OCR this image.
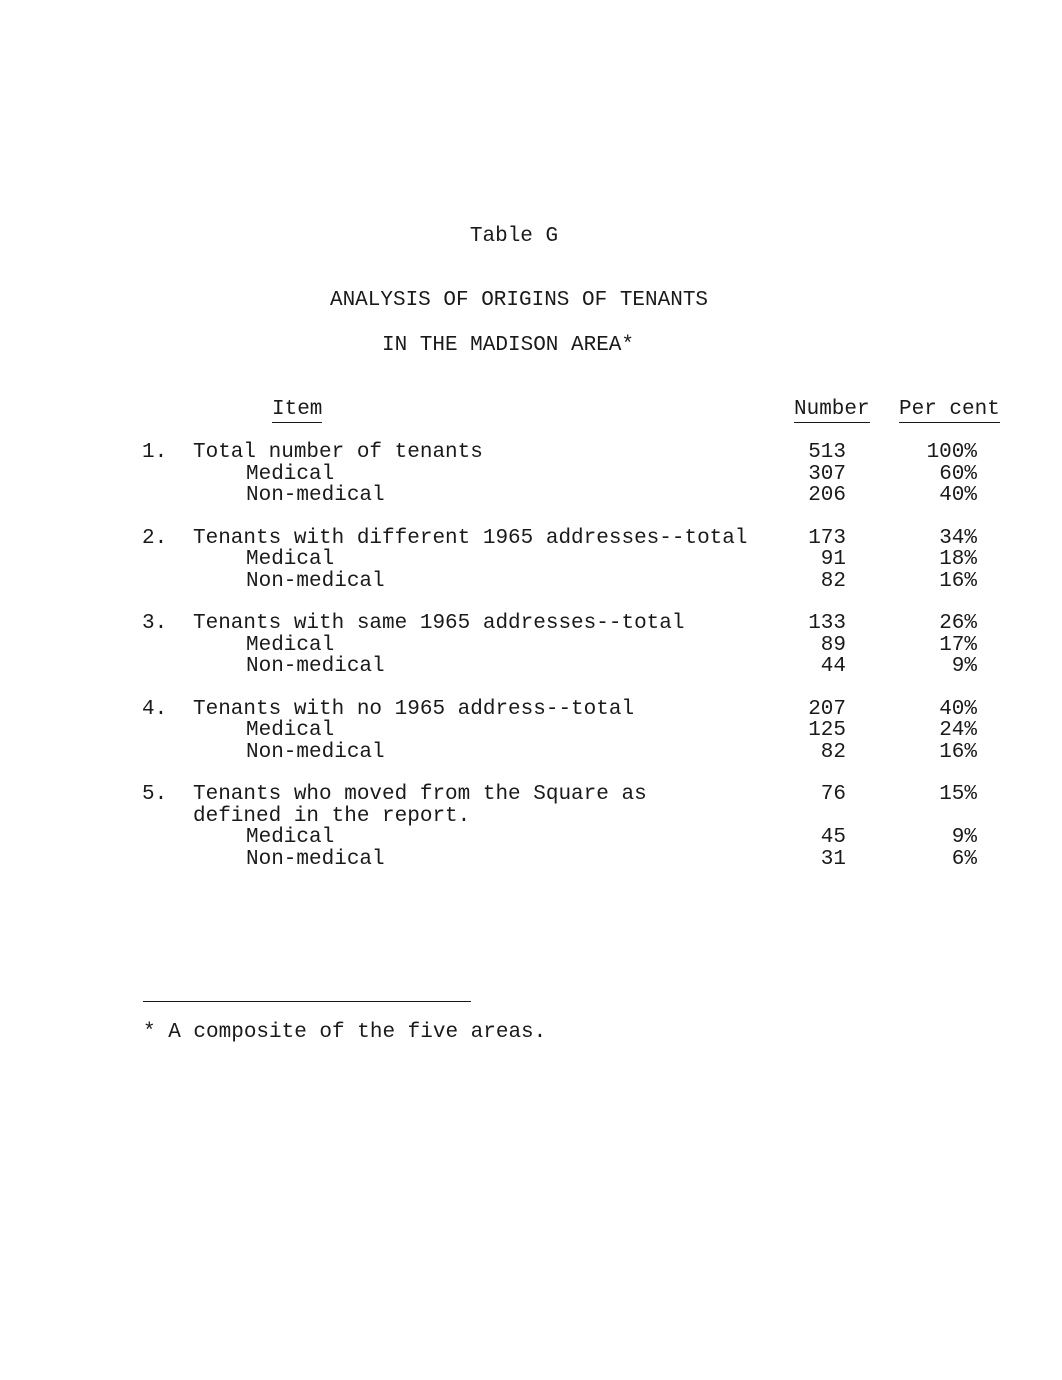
Table G
ANALYSIS OF ORIGINS OF TENANTS
IN THE MADISON AREA*
Item	Number Per cent
1. Total number of tenants	513	100%
Medical	307	60%
Non-medical	206	40%
2. Tenants with different 1965 addresses--total	173	34%
Medical	91	18%
Non-medical	82	16%
3. Tenants with same 1965 addresses--total	133	26%
Medical	89	17%
Non-medical	44	9%
4. Tenants with no 1965 address--total	207	40%
Medical	125	24%
Non-medical	82	16%
5. Tenants who moved from the Square as	76	15%
defined in the report.
Medical	45	9%
Non-medical	31	6%
* A composite of the five areas.
